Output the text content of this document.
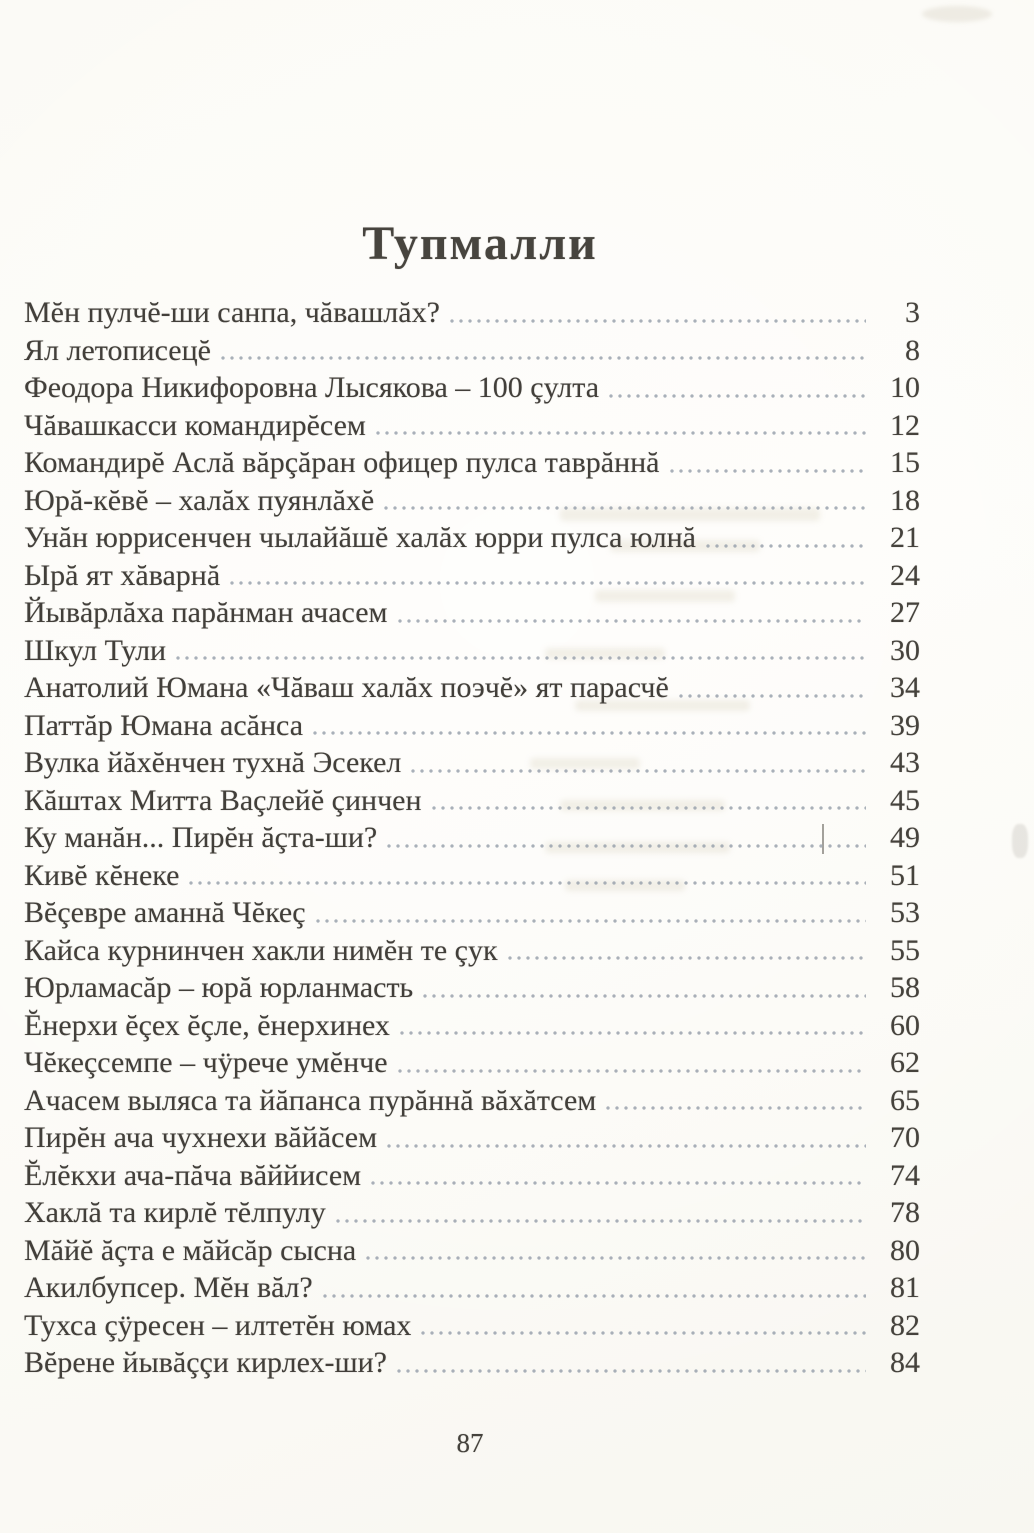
Тупмалли
Мĕн пулчĕ-ши санпа, чăвашлăх?	3
Ял летописецĕ	8
Феодора Никифоровна Лысякова – 100 çулта	10
Чăвашкасси командирĕсем	12
Командирĕ Аслă вăрçăран офицер пулса таврăннă	15
Юрă-кĕвĕ – халăх пуянлăхĕ	18
Унăн юррисенчен чылайăшĕ халăх юрри пулса юлнă	21
Ырă ят хăварнă	24
Йывăрлăха парăнман ачасем	27
Шкул Тули	30
Анатолий Юмана «Чăваш халăх поэчĕ» ят парасчĕ	34
Паттăр Юмана асăнса	39
Вулка йăхĕнчен тухнă Эсекел	43
Кăштах Митта Ваçлейĕ çинчен	45
Ку манăн... Пирĕн ăçта-ши?	49
Кивĕ кĕнеке	51
Вĕçевре аманнă Чĕкеç	53
Кайса курнинчен хакли нимĕн те çук	55
Юрламасăр – юрă юрланмасть	58
Ĕнерхи ĕçех ĕçле, ĕнерхинех	60
Чĕкеçсемпе – чÿрече умĕнче	62
Ачасем выляса та йăпанса пурăннă вăхăтсем	65
Пирĕн ача чухнехи вăйăсем	70
Ĕлĕкхи ача-пăча вăййисем	74
Хаклă та кирлĕ тĕлпулу	78
Мăйĕ ăçта е мăйсăр сысна	80
Акилбупсер. Мĕн вăл?	81
Тухса çÿресен – илтетĕн юмах	82
Вĕрене йывăççи кирлех-ши?	84
87
